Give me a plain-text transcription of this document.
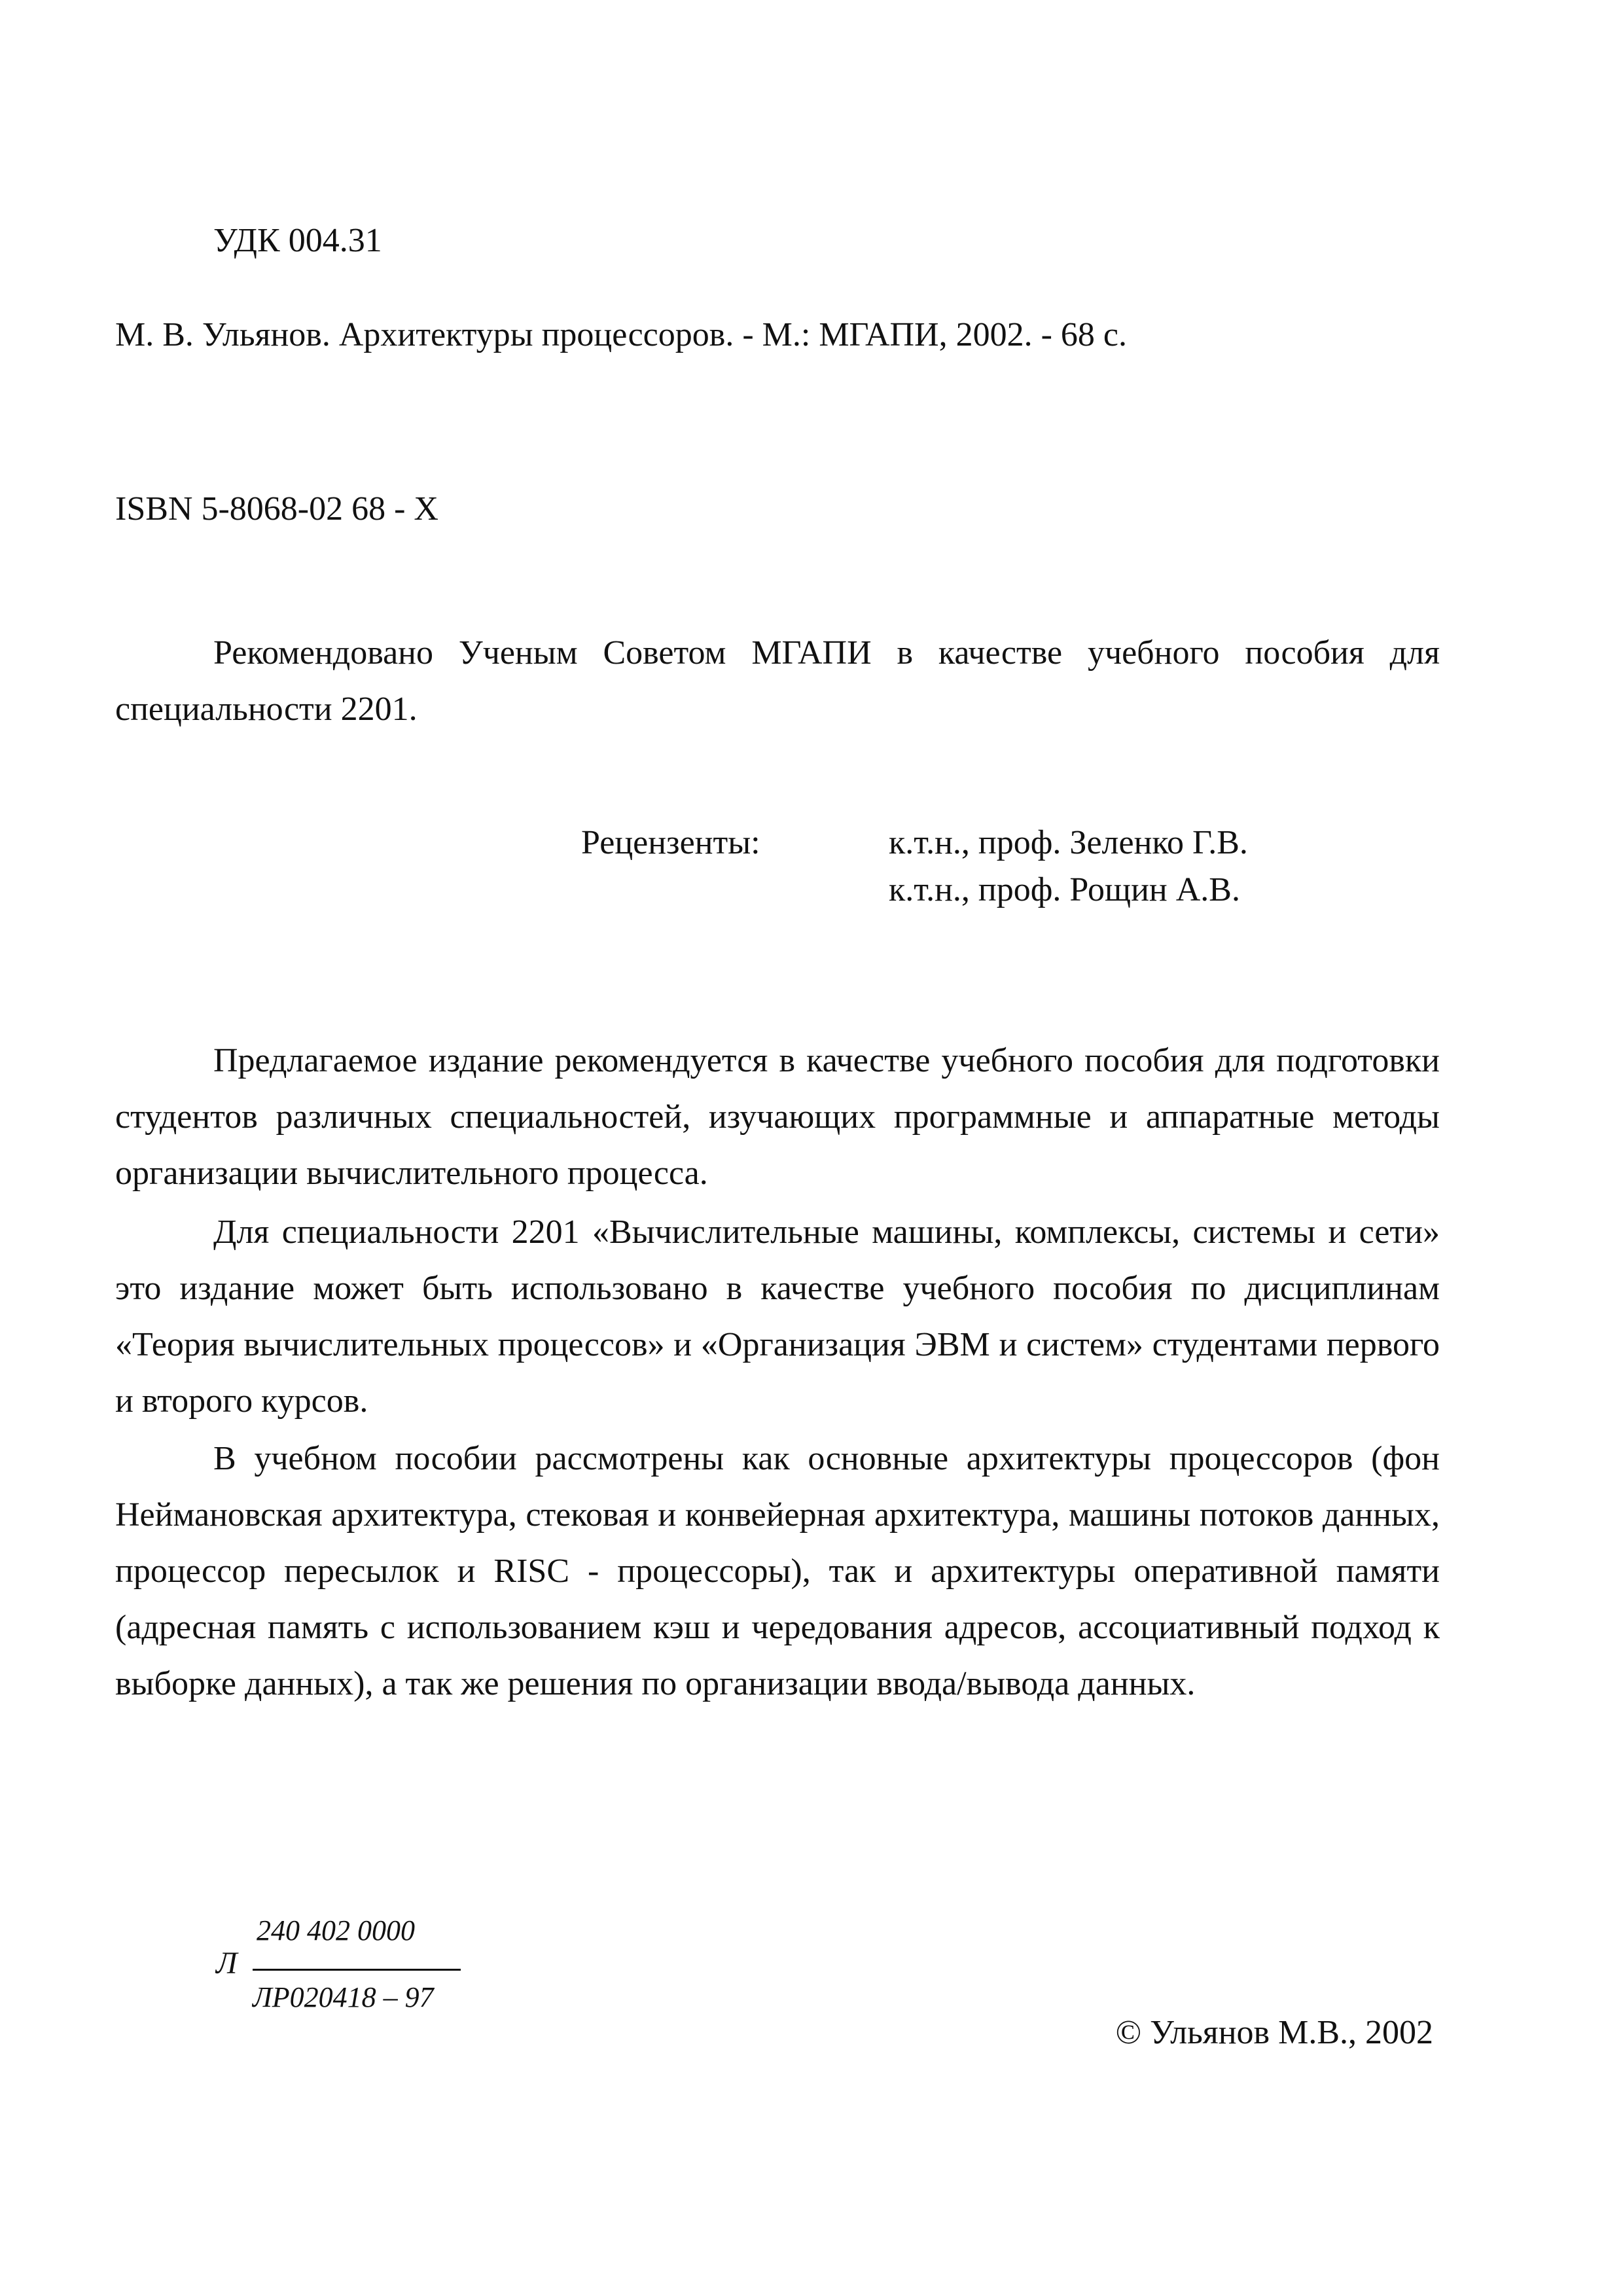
УДК 004.31

М. В. Ульянов. Архитектуры процессоров. - М.: МГАПИ, 2002. - 68 с.

ISBN 5-8068-02 68 - X

Рекомендовано Ученым Советом МГАПИ в качестве учебного пособия для специальности 2201.

Рецензенты:	к.т.н., проф. Зеленко Г.В.

к.т.н., проф. Рощин А.В.

Предлагаемое издание рекомендуется в качестве учебного пособия для подготовки студентов различных специальностей, изучающих программные и аппаратные методы организации вычислительного процесса.

Для специальности 2201 «Вычислительные машины, комплексы, системы и сети» это издание может быть использовано в качестве учебного пособия по дисциплинам «Теория вычислительных процессов» и «Организация ЭВМ и систем» студентами первого и второго курсов.

В учебном пособии рассмотрены как основные архитектуры процессоров (фон Неймановская архитектура, стековая и конвейерная архитектура, машины потоков данных, процессор пересылок и RISC - процессоры), так и архитектуры оперативной памяти (адресная память с использованием кэш и чередования адресов, ассоциативный подход к выборке данных), а так же решения по организации ввода/вывода данных.

Л
240 402 0000
ЛР020418 – 97

© Ульянов М.В., 2002
